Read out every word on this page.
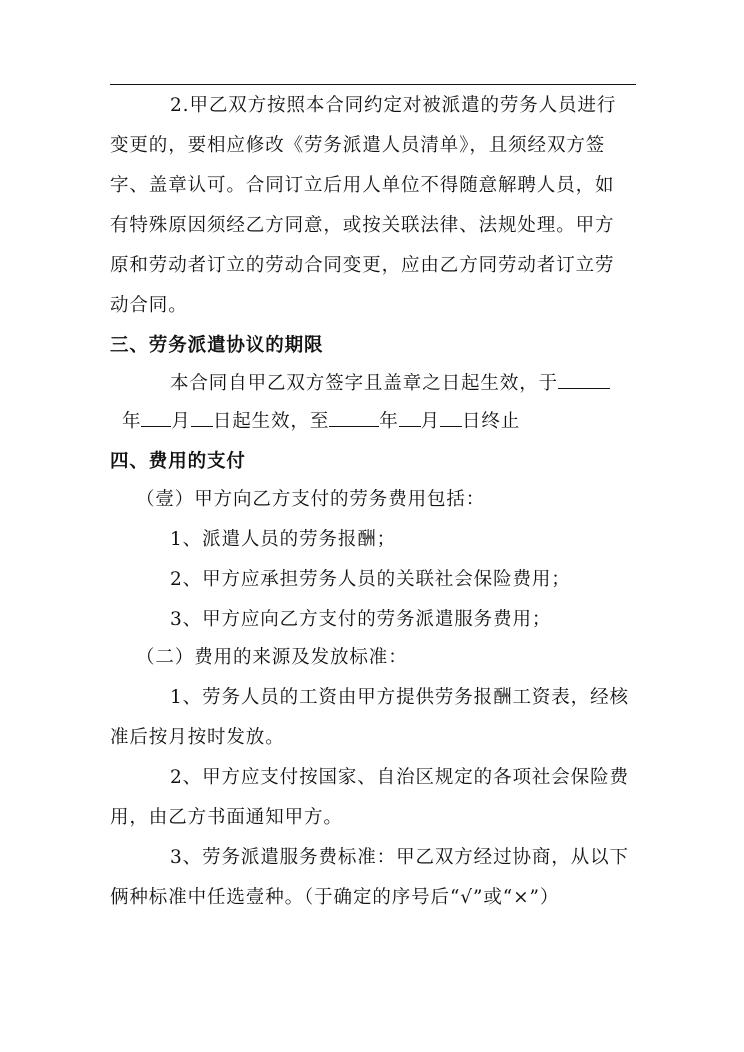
2.甲乙双方按照本合同约定对被派遣的劳务人员进行
变更的，要相应修改《劳务派遣人员清单》，且须经双方签
字、盖章认可。合同订立后用人单位不得随意解聘人员，如
有特殊原因须经乙方同意，或按关联法律、法规处理。甲方
原和劳动者订立的劳动合同变更，应由乙方同劳动者订立劳
动合同。
三、劳务派遣协议的期限
本合同自甲乙双方签字且盖章之日起生效，于
年 月 日起生效，至	年 月 日终止
四、费用的支付
（壹）甲方向乙方支付的劳务费用包括：
1、派遣人员的劳务报酬；
2、甲方应承担劳务人员的关联社会保险费用；
3、甲方应向乙方支付的劳务派遣服务费用；
（二）费用的来源及发放标准：
1、劳务人员的工资由甲方提供劳务报酬工资表，经核
准后按月按时发放。
2、甲方应支付按国家、自治区规定的各项社会保险费
用，由乙方书面通知甲方。
3、劳务派遣服务费标准：甲乙双方经过协商，从以下
俩种标准中任选壹种。（于确定的序号后“√”或“×”）
